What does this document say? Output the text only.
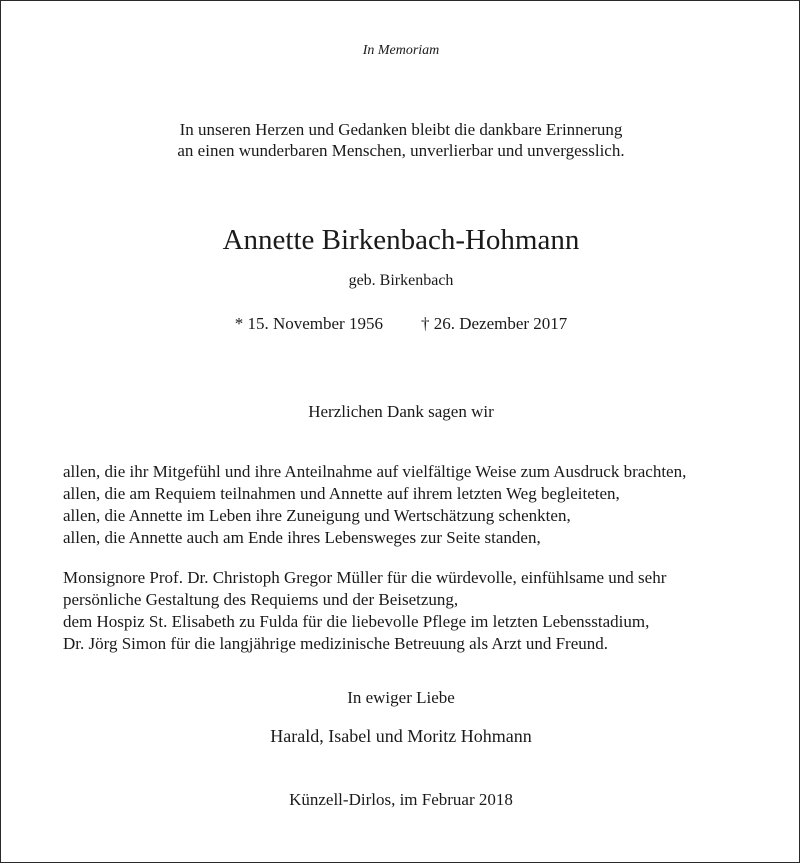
In Memoriam
In unseren Herzen und Gedanken bleibt die dankbare Erinnerung
an einen wunderbaren Menschen, unverlierbar und unvergesslich.
Annette Birkenbach-Hohmann
geb. Birkenbach
* 15. November 1956 † 26. Dezember 2017
Herzlichen Dank sagen wir
allen, die ihr Mitgefühl und ihre Anteilnahme auf vielfältige Weise zum Ausdruck brachten,
allen, die am Requiem teilnahmen und Annette auf ihrem letzten Weg begleiteten,
allen, die Annette im Leben ihre Zuneigung und Wertschätzung schenkten,
allen, die Annette auch am Ende ihres Lebensweges zur Seite standen,
Monsignore Prof. Dr. Christoph Gregor Müller für die würdevolle, einfühlsame und sehr
persönliche Gestaltung des Requiems und der Beisetzung,
dem Hospiz St. Elisabeth zu Fulda für die liebevolle Pflege im letzten Lebensstadium,
Dr. Jörg Simon für die langjährige medizinische Betreuung als Arzt und Freund.
In ewiger Liebe
Harald, Isabel und Moritz Hohmann
Künzell-Dirlos, im Februar 2018
